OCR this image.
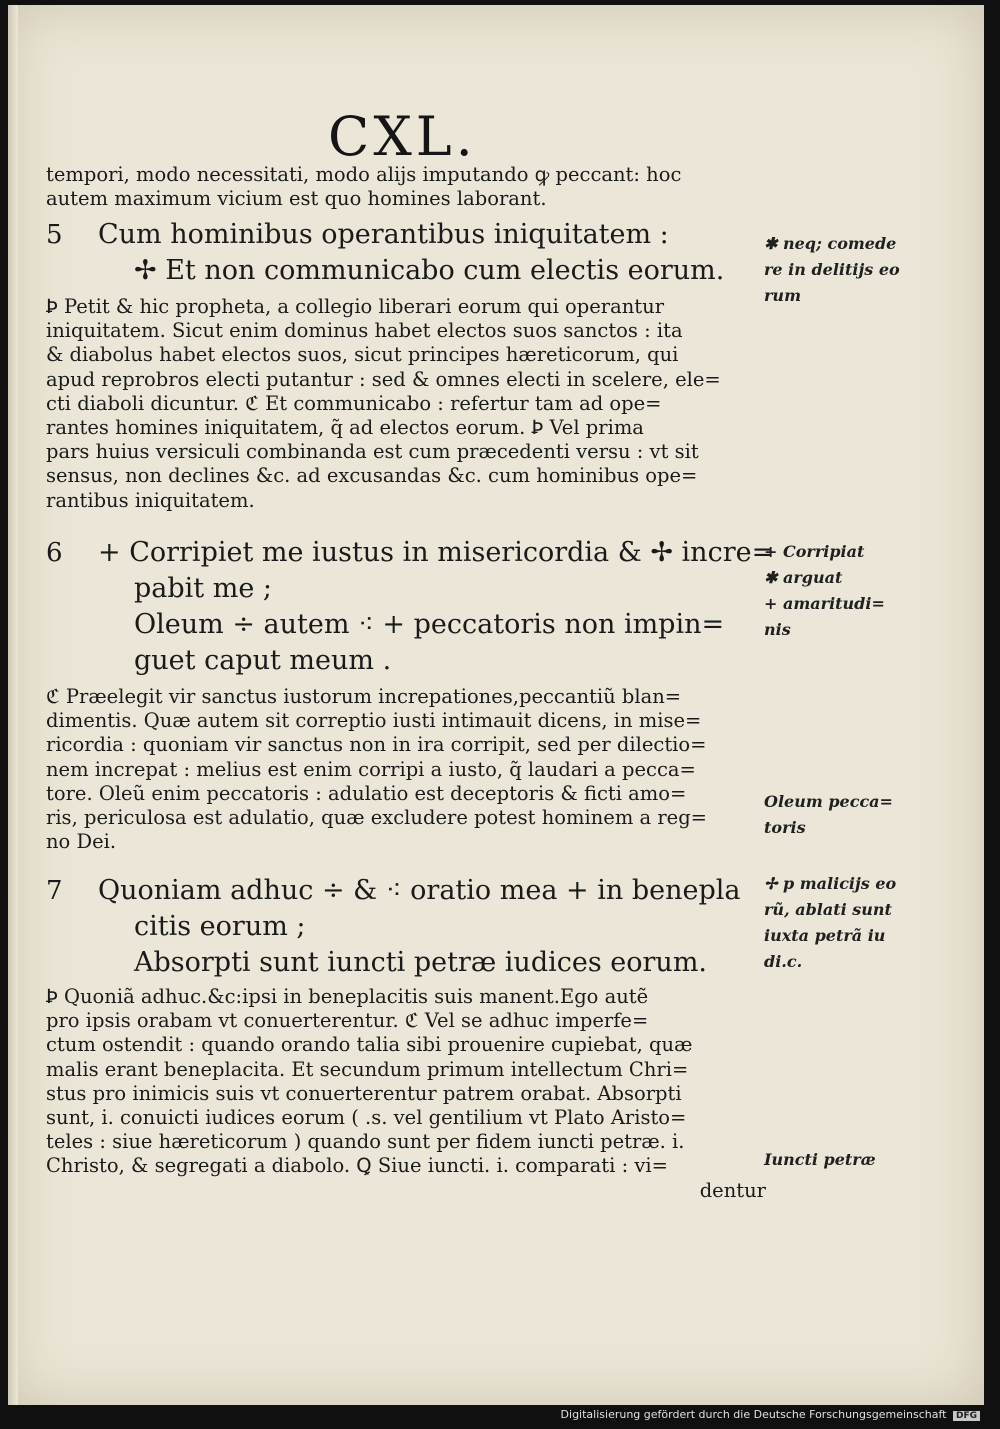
CXL.
tempori, modo necessitati, modo alijs imputando ꝙ peccant: hoc
autem maximum vicium est quo homines laborant.
5 Cum hominibus operantibus iniquitatem :
✢ Et non communicabo cum electis eorum.
Ꝧ Petit & hic propheta, a collegio liberari eorum qui operantur
iniquitatem. Sicut enim dominus habet electos suos sanctos : ita
& diabolus habet electos suos, sicut principes hæreticorum, qui
apud reprobros electi putantur : sed & omnes electi in scelere, ele=
cti diaboli dicuntur. ℭ Et communicabo : refertur tam ad ope=
rantes homines iniquitatem, q̃ ad electos eorum. Ꝧ Vel prima
pars huius versiculi combinanda est cum præcedenti versu : vt sit
sensus, non declines &c. ad excusandas &c. cum hominibus ope=
rantibus iniquitatem.
6 + Corripiet me iustus in misericordia & ✢ incre=
pabit me ;
Oleum ÷ autem ⁖ + peccatoris non impin=
guet caput meum .
ℭ Præelegit vir sanctus iustorum increpationes,peccantiũ blan=
dimentis. Quæ autem sit correptio iusti intimauit dicens, in mise=
ricordia : quoniam vir sanctus non in ira corripit, sed per dilectio=
nem increpat : melius est enim corripi a iusto, q̃ laudari a pecca=
tore. Oleũ enim peccatoris : adulatio est deceptoris & ficti amo=
ris, periculosa est adulatio, quæ excludere potest hominem a reg=
no Dei.
7 Quoniam adhuc ÷ & ⁖ oratio mea + in benepla
citis eorum ;
Absorpti sunt iuncti petræ iudices eorum.
Ꝧ Quoniã adhuc.&c:ipsi in beneplacitis suis manent.Ego autẽ
pro ipsis orabam vt conuerterentur. ℭ Vel se adhuc imperfe=
ctum ostendit : quando orando talia sibi prouenire cupiebat, quæ
malis erant beneplacita. Et secundum primum intellectum Chri=
stus pro inimicis suis vt conuerterentur patrem orabat. Absorpti
sunt, i. conuicti iudices eorum ( .s. vel gentilium vt Plato Aristo=
teles : siue hæreticorum ) quando sunt per fidem iuncti petræ. i.
Christo, & segregati a diabolo. Ꝗ Siue iuncti. i. comparati : vi=
dentur
✱ neq; comede
re in delitijs eo
rum
+ Corripiat
✱ arguat
+ amaritudi=
nis
Oleum pecca=
toris
✢ p malicijs eo
rũ, ablati sunt
iuxta petrã iu
di.c.
Iuncti petræ
Digitalisierung gefördert durch die Deutsche Forschungsgemeinschaft DFG
